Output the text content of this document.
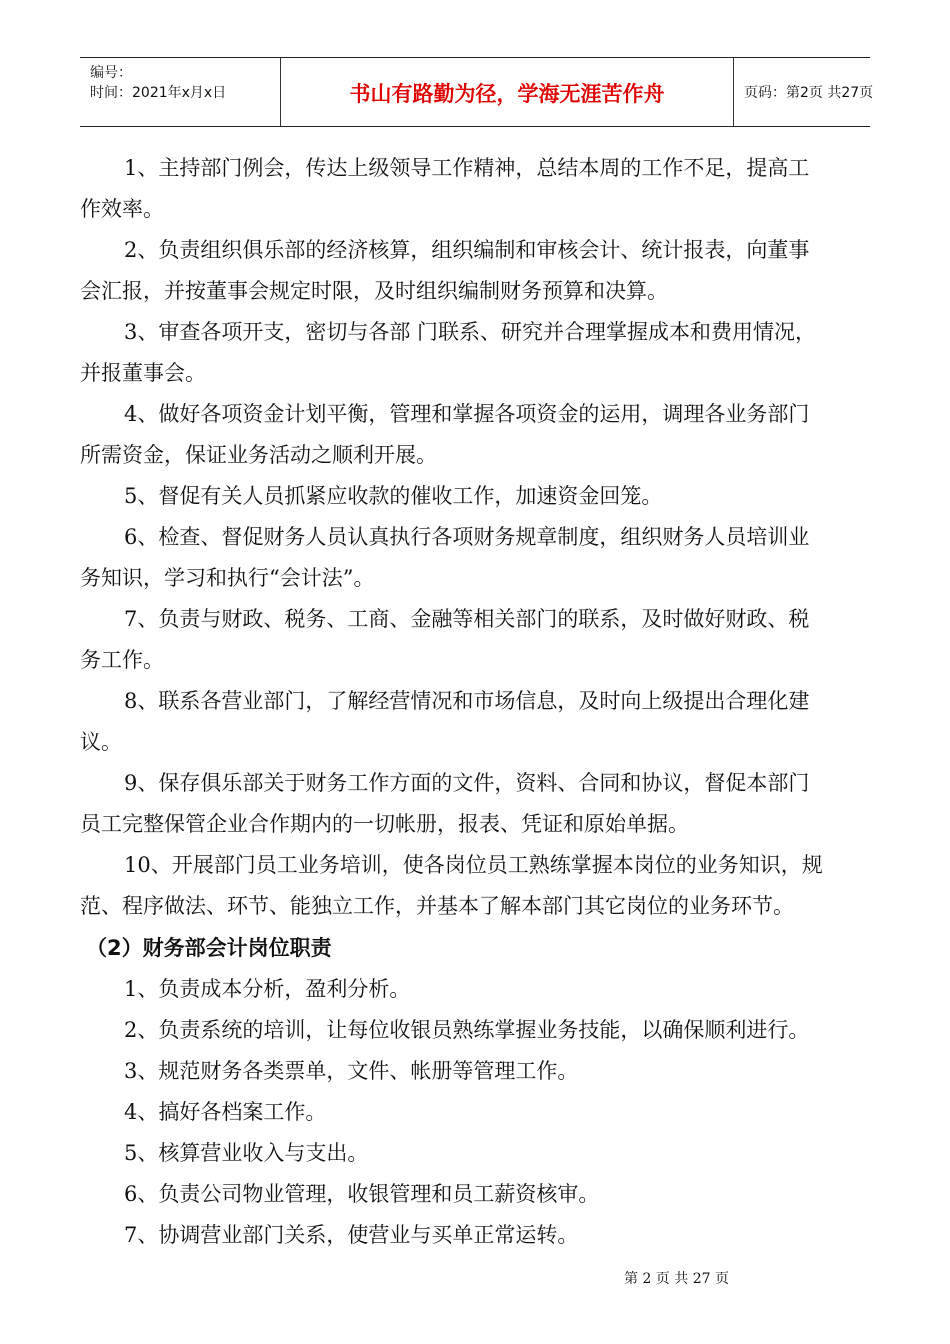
编号：
时间：2021年x月x日	书山有路勤为径，学海无涯苦作舟	页码：第2页 共27页
1、主持部门例会，传达上级领导工作精神，总结本周的工作不足，提高工
作效率。
2、负责组织俱乐部的经济核算，组织编制和审核会计、统计报表，向董事
会汇报，并按董事会规定时限，及时组织编制财务预算和决算。
3、审查各项开支，密切与各部 门联系、研究并合理掌握成本和费用情况，
并报董事会。
4、做好各项资金计划平衡，管理和掌握各项资金的运用，调理各业务部门
所需资金，保证业务活动之顺利开展。
5、督促有关人员抓紧应收款的催收工作，加速资金回笼。
6、检查、督促财务人员认真执行各项财务规章制度，组织财务人员培训业
务知识，学习和执行“会计法”。
7、负责与财政、税务、工商、金融等相关部门的联系，及时做好财政、税
务工作。
8、联系各营业部门，了解经营情况和市场信息，及时向上级提出合理化建
议。
9、保存俱乐部关于财务工作方面的文件，资料、合同和协议，督促本部门
员工完整保管企业合作期内的一切帐册，报表、凭证和原始单据。
10、开展部门员工业务培训，使各岗位员工熟练掌握本岗位的业务知识，规
范、程序做法、环节、能独立工作，并基本了解本部门其它岗位的业务环节。
（2）财务部会计岗位职责
1、负责成本分析，盈利分析。
2、负责系统的培训，让每位收银员熟练掌握业务技能，以确保顺利进行。
3、规范财务各类票单，文件、帐册等管理工作。
4、搞好各档案工作。
5、核算营业收入与支出。
6、负责公司物业管理，收银管理和员工薪资核审。
7、协调营业部门关系，使营业与买单正常运转。
第 2 页 共 27 页
